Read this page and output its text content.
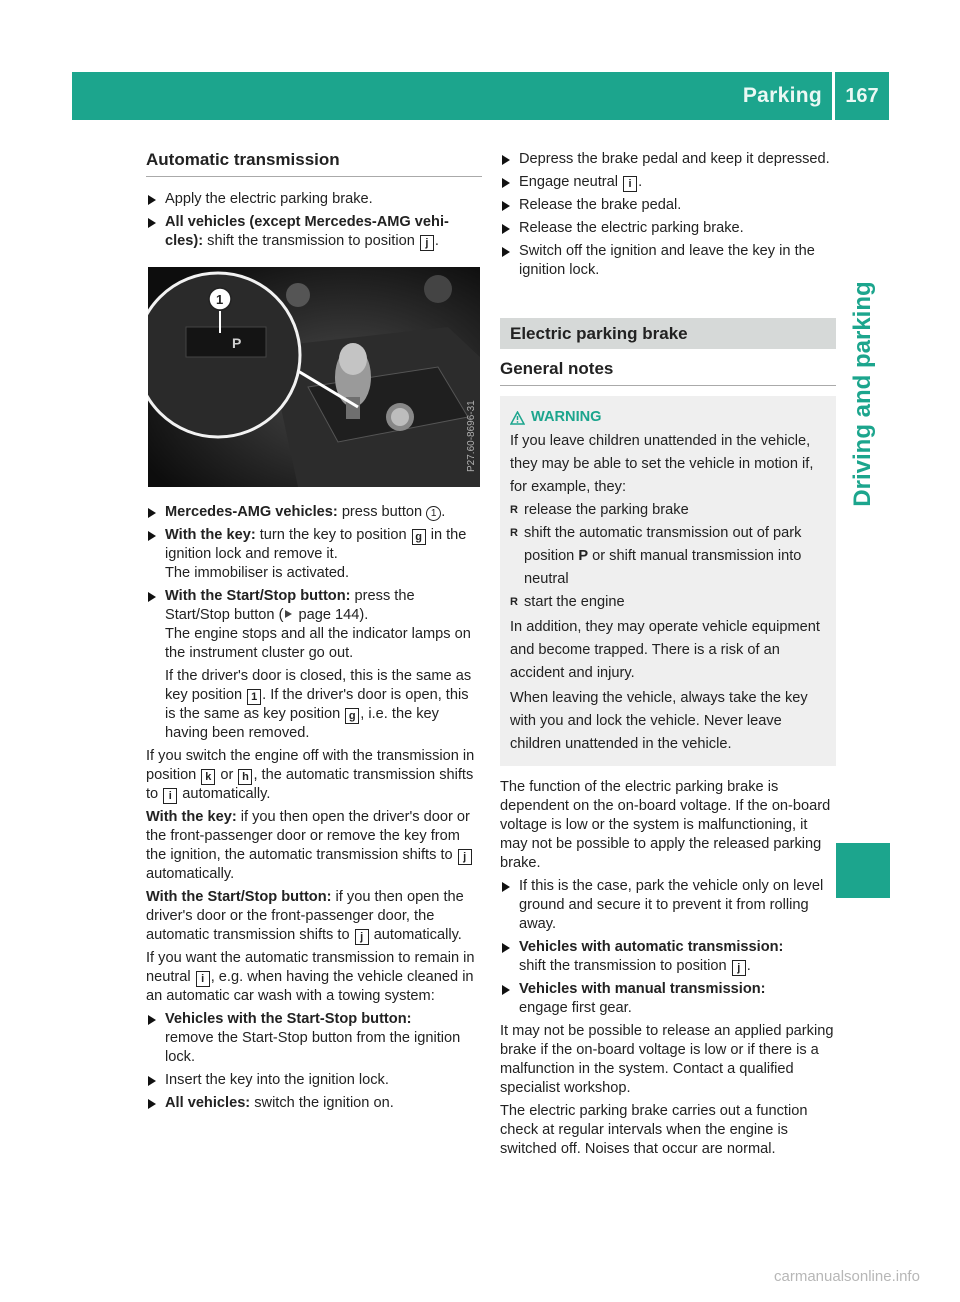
Parking	167
Driving and parking
Automatic transmission
Apply the electric parking brake.
All vehicles (except Mercedes-AMG vehicles): shift the transmission to position j .
P
1
P27.60-8696-31
Mercedes-AMG vehicles: press button 1 .
With the key: turn the key to position g in the ignition lock and remove it.
The immobiliser is activated.
With the Start/Stop button: press the Start/Stop button ( page 144).
The engine stops and all the indicator lamps on the instrument cluster go out.

If the driver's door is closed, this is the same as key position 1 . If the driver's door is open, this is the same as key position g , i.e. the key having been removed.

If you switch the engine off with the transmission in position k or h , the automatic transmission shifts to i automatically.

With the key: if you then open the driver's door or the front-passenger door or remove the key from the ignition, the automatic transmission shifts to j automatically.

With the Start/Stop button: if you then open the driver's door or the front-passenger door, the automatic transmission shifts to j automatically.

If you want the automatic transmission to remain in neutral i , e.g. when having the vehicle cleaned in an automatic car wash with a towing system:

Vehicles with the Start-Stop button:
remove the Start-Stop button from the ignition lock.
Insert the key into the ignition lock.
All vehicles: switch the ignition on.
Depress the brake pedal and keep it depressed.
Engage neutral i .
Release the brake pedal.
Release the electric parking brake.
Switch off the ignition and leave the key in the ignition lock.
Electric parking brake
General notes
WARNING
If you leave children unattended in the vehicle, they may be able to set the vehicle in motion if, for example, they:
R release the parking brake
R shift the automatic transmission out of park position P or shift manual transmission into neutral
R start the engine
In addition, they may operate vehicle equipment and become trapped. There is a risk of an accident and injury.
When leaving the vehicle, always take the key with you and lock the vehicle. Never leave children unattended in the vehicle.

The function of the electric parking brake is dependent on the on-board voltage. If the on-board voltage is low or the system is malfunctioning, it may not be possible to apply the released parking brake.

If this is the case, park the vehicle only on level ground and secure it to prevent it from rolling away.
Vehicles with automatic transmission:
shift the transmission to position j .
Vehicles with manual transmission:
engage first gear.

It may not be possible to release an applied parking brake if the on-board voltage is low or if there is a malfunction in the system. Contact a qualified specialist workshop.

The electric parking brake carries out a function check at regular intervals when the engine is switched off. Noises that occur are normal.

carmanualsonline.info
